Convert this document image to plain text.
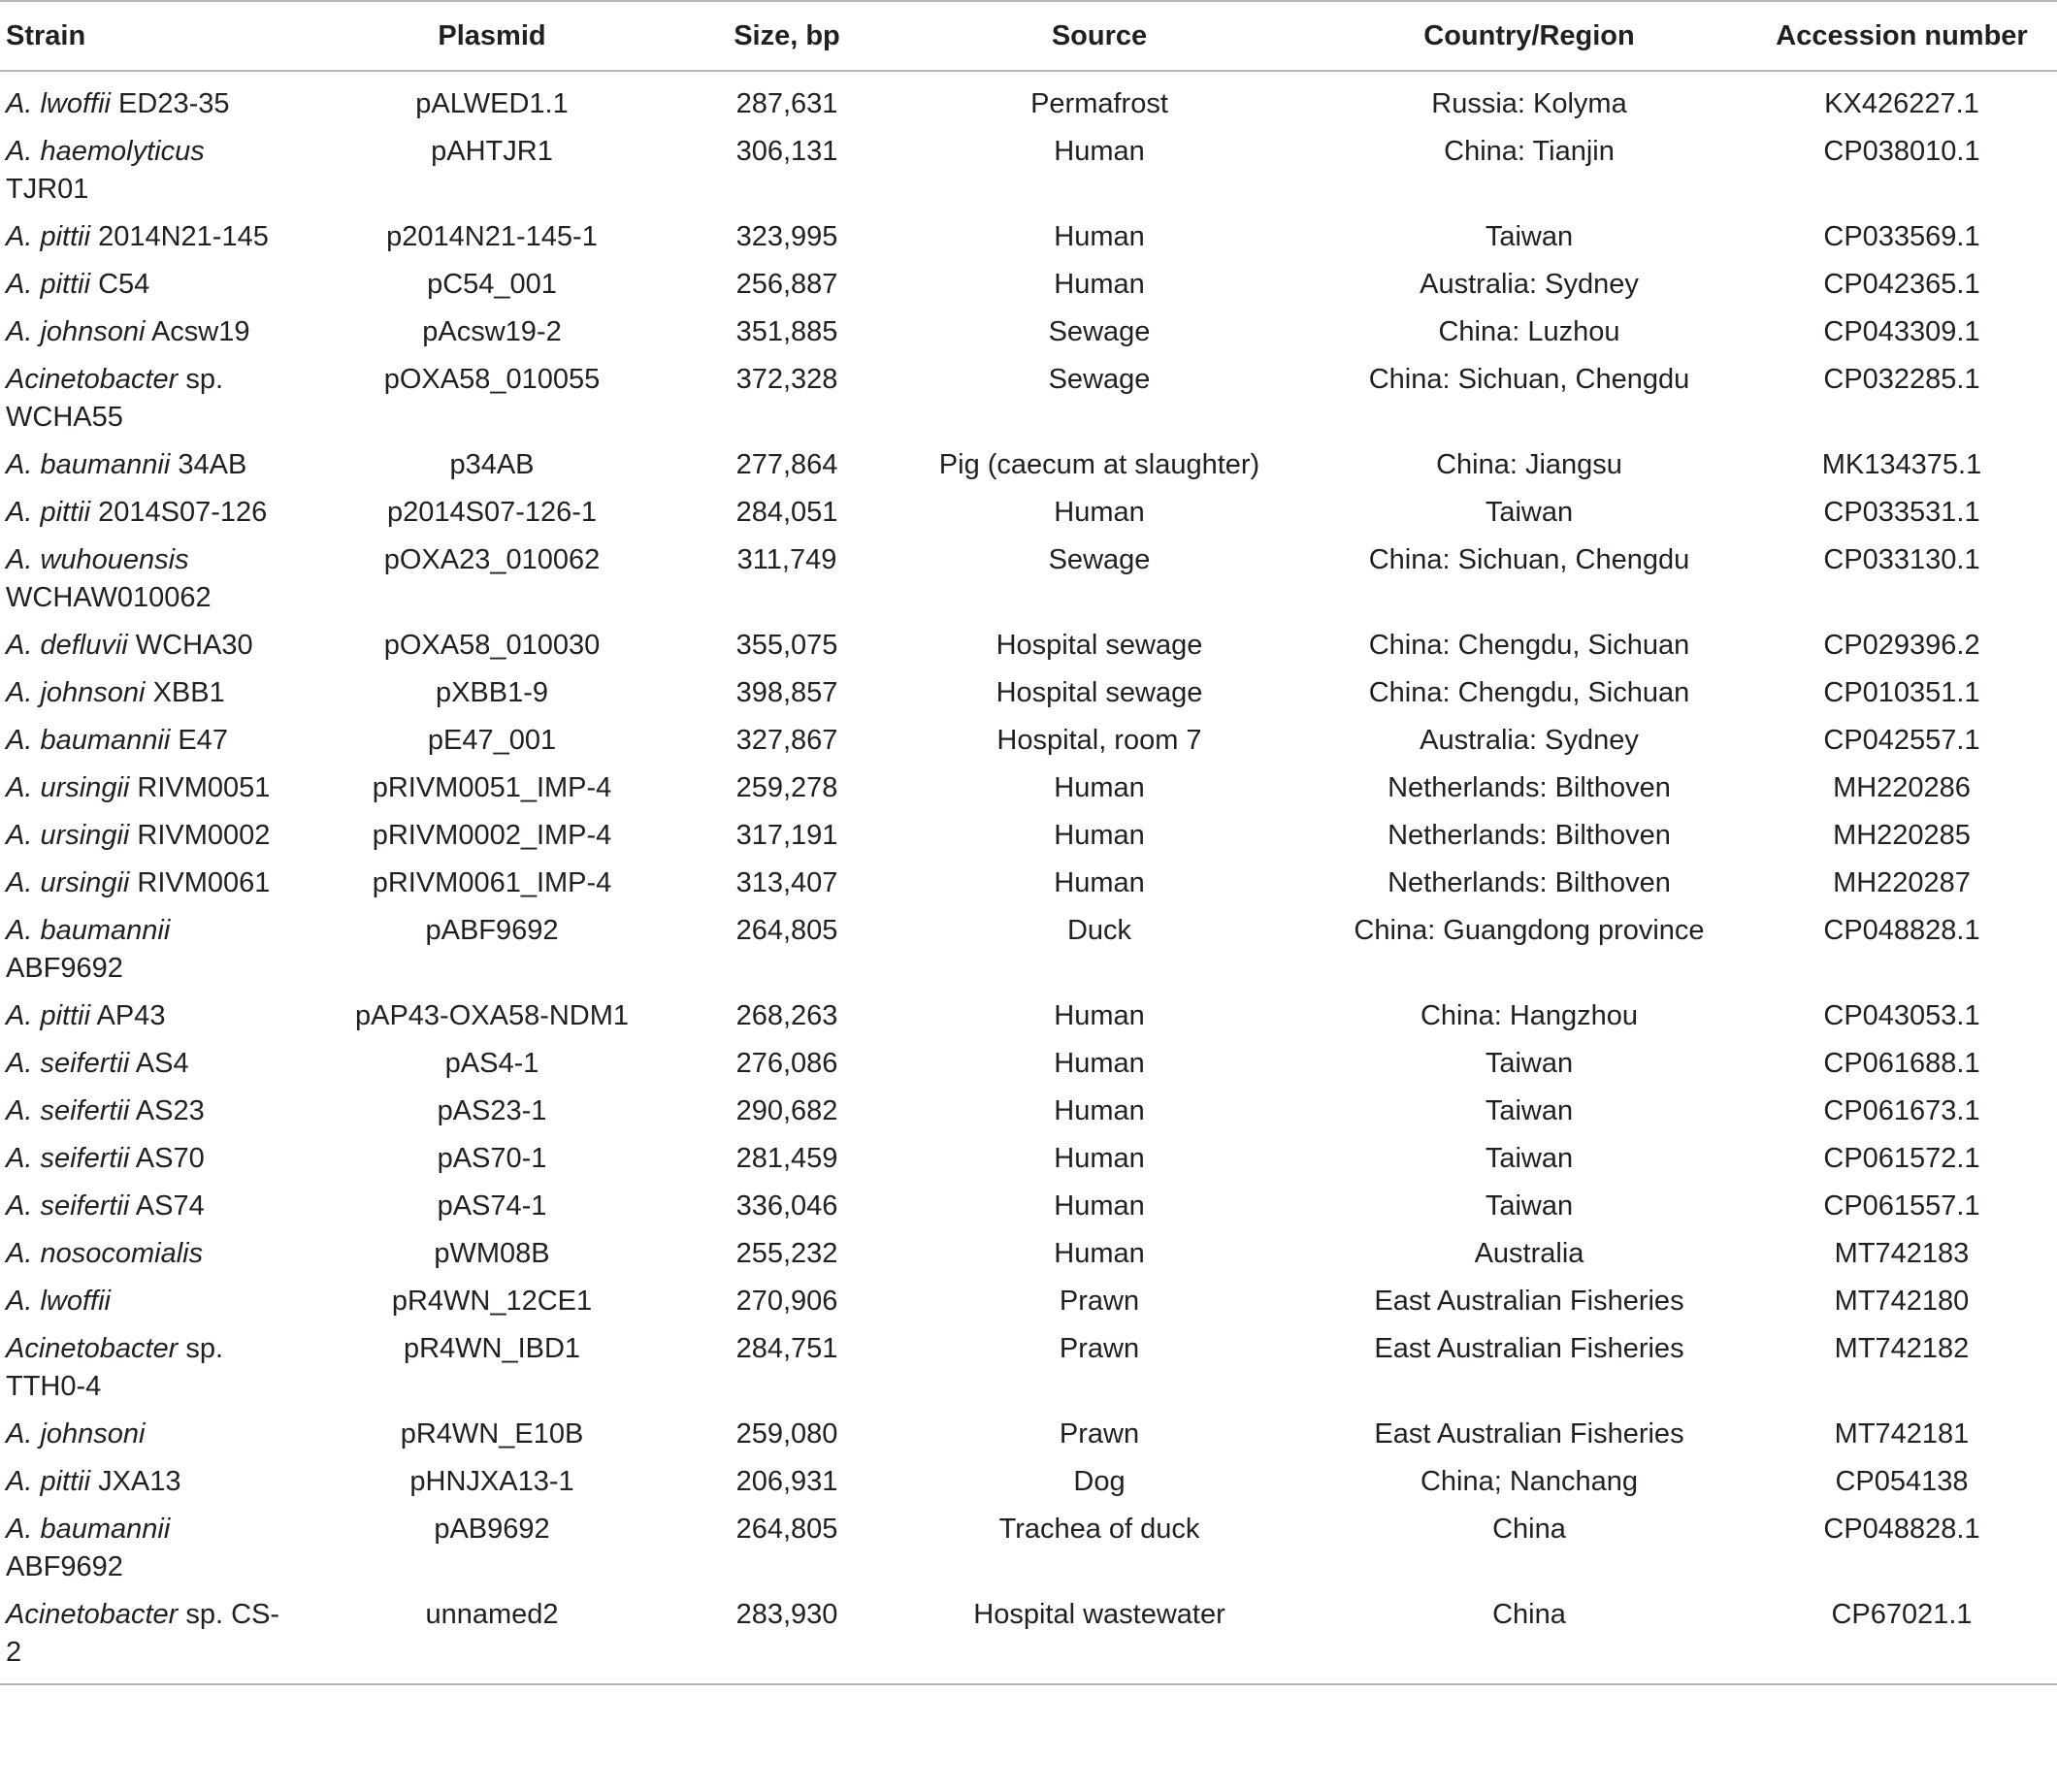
Strain	Plasmid	Size, bp	Source	Country/Region	Accession number
A. lwoffii ED23-35	pALWED1.1	287,631	Permafrost	Russia: Kolyma	KX426227.1
A. haemolyticus TJR01	pAHTJR1	306,131	Human	China: Tianjin	CP038010.1
A. pittii 2014N21-145	p2014N21-145-1	323,995	Human	Taiwan	CP033569.1
A. pittii C54	pC54_001	256,887	Human	Australia: Sydney	CP042365.1
A. johnsoni Acsw19	pAcsw19-2	351,885	Sewage	China: Luzhou	CP043309.1
Acinetobacter sp. WCHA55	pOXA58_010055	372,328	Sewage	China: Sichuan, Chengdu	CP032285.1
A. baumannii 34AB	p34AB	277,864	Pig (caecum at slaughter)	China: Jiangsu	MK134375.1
A. pittii 2014S07-126	p2014S07-126-1	284,051	Human	Taiwan	CP033531.1
A. wuhouensis WCHAW010062	pOXA23_010062	311,749	Sewage	China: Sichuan, Chengdu	CP033130.1
A. defluvii WCHA30	pOXA58_010030	355,075	Hospital sewage	China: Chengdu, Sichuan	CP029396.2
A. johnsoni XBB1	pXBB1-9	398,857	Hospital sewage	China: Chengdu, Sichuan	CP010351.1
A. baumannii E47	pE47_001	327,867	Hospital, room 7	Australia: Sydney	CP042557.1
A. ursingii RIVM0051	pRIVM0051_IMP-4	259,278	Human	Netherlands: Bilthoven	MH220286
A. ursingii RIVM0002	pRIVM0002_IMP-4	317,191	Human	Netherlands: Bilthoven	MH220285
A. ursingii RIVM0061	pRIVM0061_IMP-4	313,407	Human	Netherlands: Bilthoven	MH220287
A. baumannii ABF9692	pABF9692	264,805	Duck	China: Guangdong province	CP048828.1
A. pittii AP43	pAP43-OXA58-NDM1	268,263	Human	China: Hangzhou	CP043053.1
A. seifertii AS4	pAS4-1	276,086	Human	Taiwan	CP061688.1
A. seifertii AS23	pAS23-1	290,682	Human	Taiwan	CP061673.1
A. seifertii AS70	pAS70-1	281,459	Human	Taiwan	CP061572.1
A. seifertii AS74	pAS74-1	336,046	Human	Taiwan	CP061557.1
A. nosocomialis	pWM08B	255,232	Human	Australia	MT742183
A. lwoffii	pR4WN_12CE1	270,906	Prawn	East Australian Fisheries	MT742180
Acinetobacter sp. TTH0-4	pR4WN_IBD1	284,751	Prawn	East Australian Fisheries	MT742182
A. johnsoni	pR4WN_E10B	259,080	Prawn	East Australian Fisheries	MT742181
A. pittii JXA13	pHNJXA13-1	206,931	Dog	China; Nanchang	CP054138
A. baumannii ABF9692	pAB9692	264,805	Trachea of duck	China	CP048828.1
Acinetobacter sp. CS-2	unnamed2	283,930	Hospital wastewater	China	CP67021.1
